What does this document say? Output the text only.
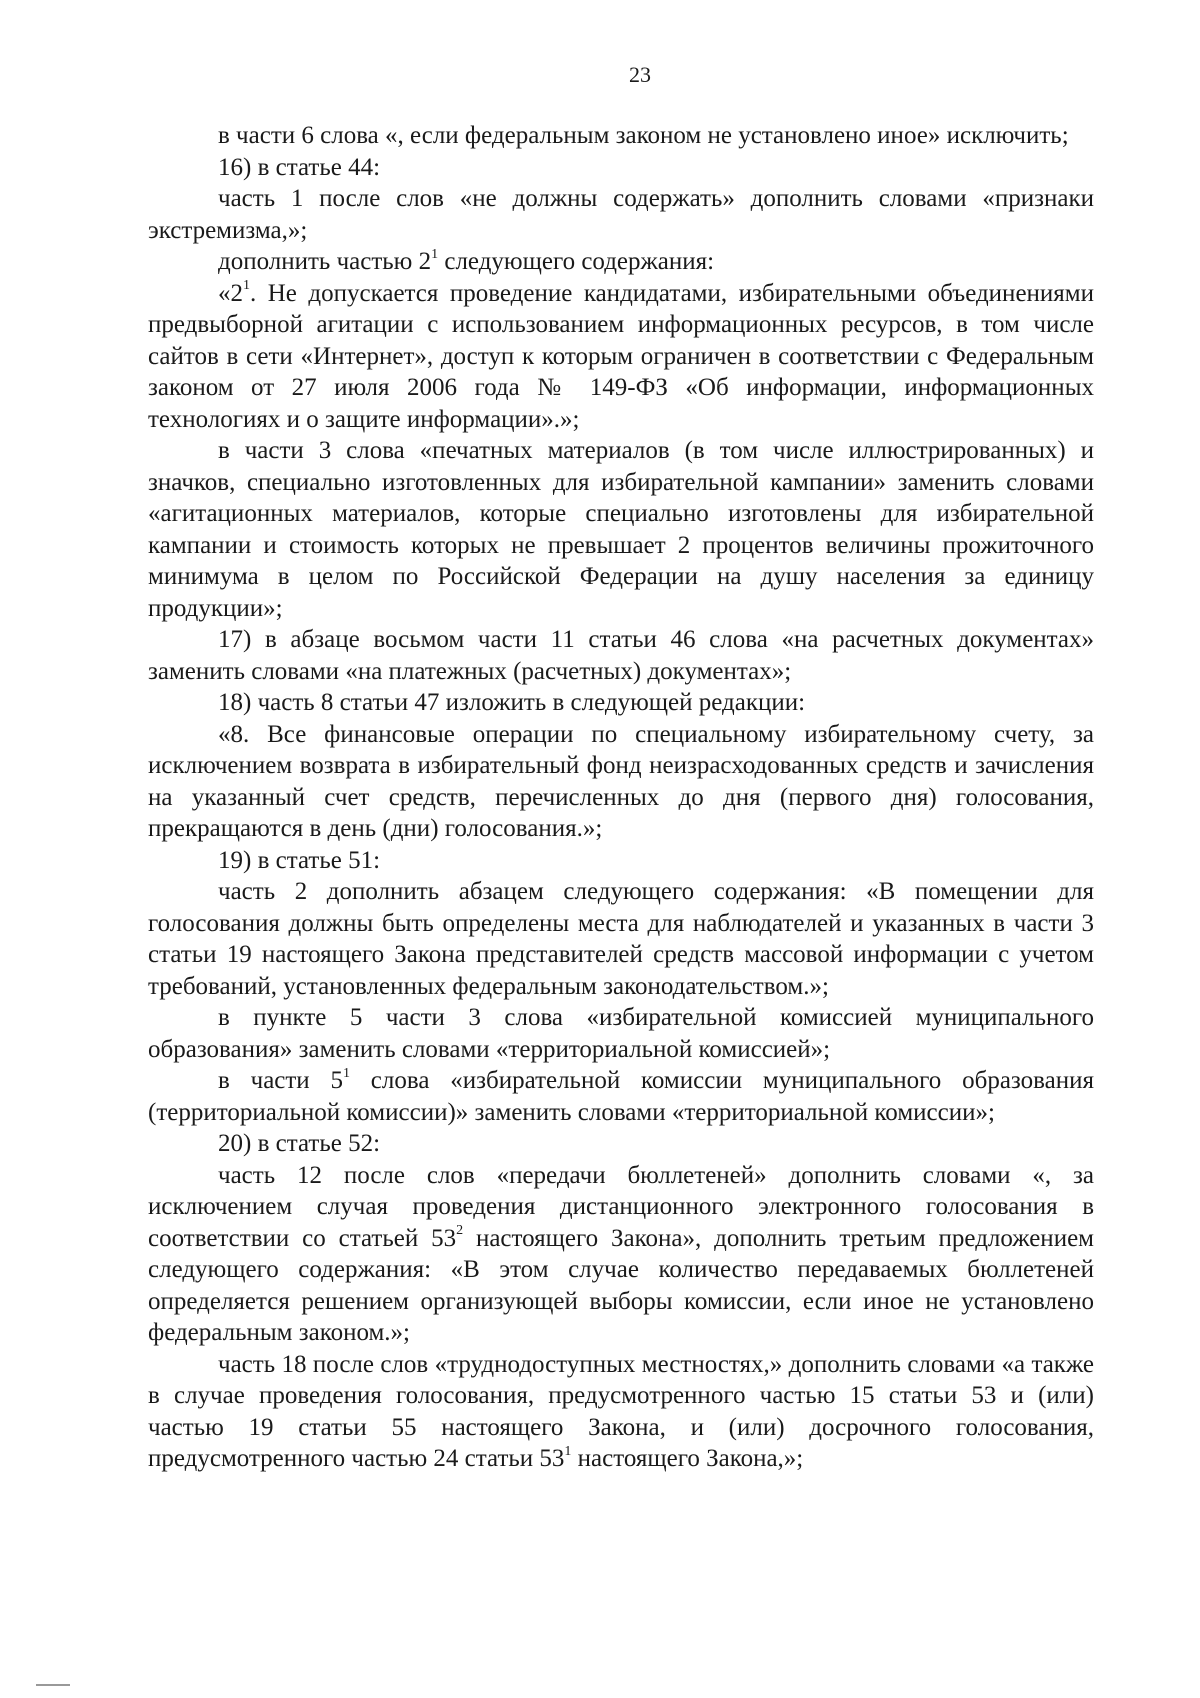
23

в части 6 слова «, если федеральным законом не установлено иное» исключить;

16) в статье 44:

часть 1 после слов «не должны содержать» дополнить словами «признаки экстремизма,»;

дополнить частью $2^1$ следующего содержания:

«$2^1$. Не допускается проведение кандидатами, избирательными объединениями предвыборной агитации с использованием информационных ресурсов, в том числе сайтов в сети «Интернет», доступ к которым ограничен в соответствии с Федеральным законом от 27 июля 2006 года № 149-ФЗ «Об информации, информационных технологиях и о защите информации».»;

в части 3 слова «печатных материалов (в том числе иллюстрированных) и значков, специально изготовленных для избирательной кампании» заменить словами «агитационных материалов, которые специально изготовлены для избирательной кампании и стоимость которых не превышает 2 процентов величины прожиточного минимума в целом по Российской Федерации на душу населения за единицу продукции»;

17) в абзаце восьмом части 11 статьи 46 слова «на расчетных документах» заменить словами «на платежных (расчетных) документах»;

18) часть 8 статьи 47 изложить в следующей редакции:

«8. Все финансовые операции по специальному избирательному счету, за исключением возврата в избирательный фонд неизрасходованных средств и зачисления на указанный счет средств, перечисленных до дня (первого дня) голосования, прекращаются в день (дни) голосования.»;

19) в статье 51:

часть 2 дополнить абзацем следующего содержания: «В помещении для голосования должны быть определены места для наблюдателей и указанных в части 3 статьи 19 настоящего Закона представителей средств массовой информации с учетом требований, установленных федеральным законодательством.»;

в пункте 5 части 3 слова «избирательной комиссией муниципального образования» заменить словами «территориальной комиссией»;

в части $5^1$ слова «избирательной комиссии муниципального образования (территориальной комиссии)» заменить словами «территориальной комиссии»;

20) в статье 52:

часть 12 после слов «передачи бюллетеней» дополнить словами «, за исключением случая проведения дистанционного электронного голосования в соответствии со статьей $53^2$ настоящего Закона», дополнить третьим предложением следующего содержания: «В этом случае количество передаваемых бюллетеней определяется решением организующей выборы комиссии, если иное не установлено федеральным законом.»;

часть 18 после слов «труднодоступных местностях,» дополнить словами «а также в случае проведения голосования, предусмотренного частью 15 статьи 53 и (или) частью 19 статьи 55 настоящего Закона, и (или) досрочного голосования, предусмотренного частью 24 статьи $53^1$ настоящего Закона,»;
